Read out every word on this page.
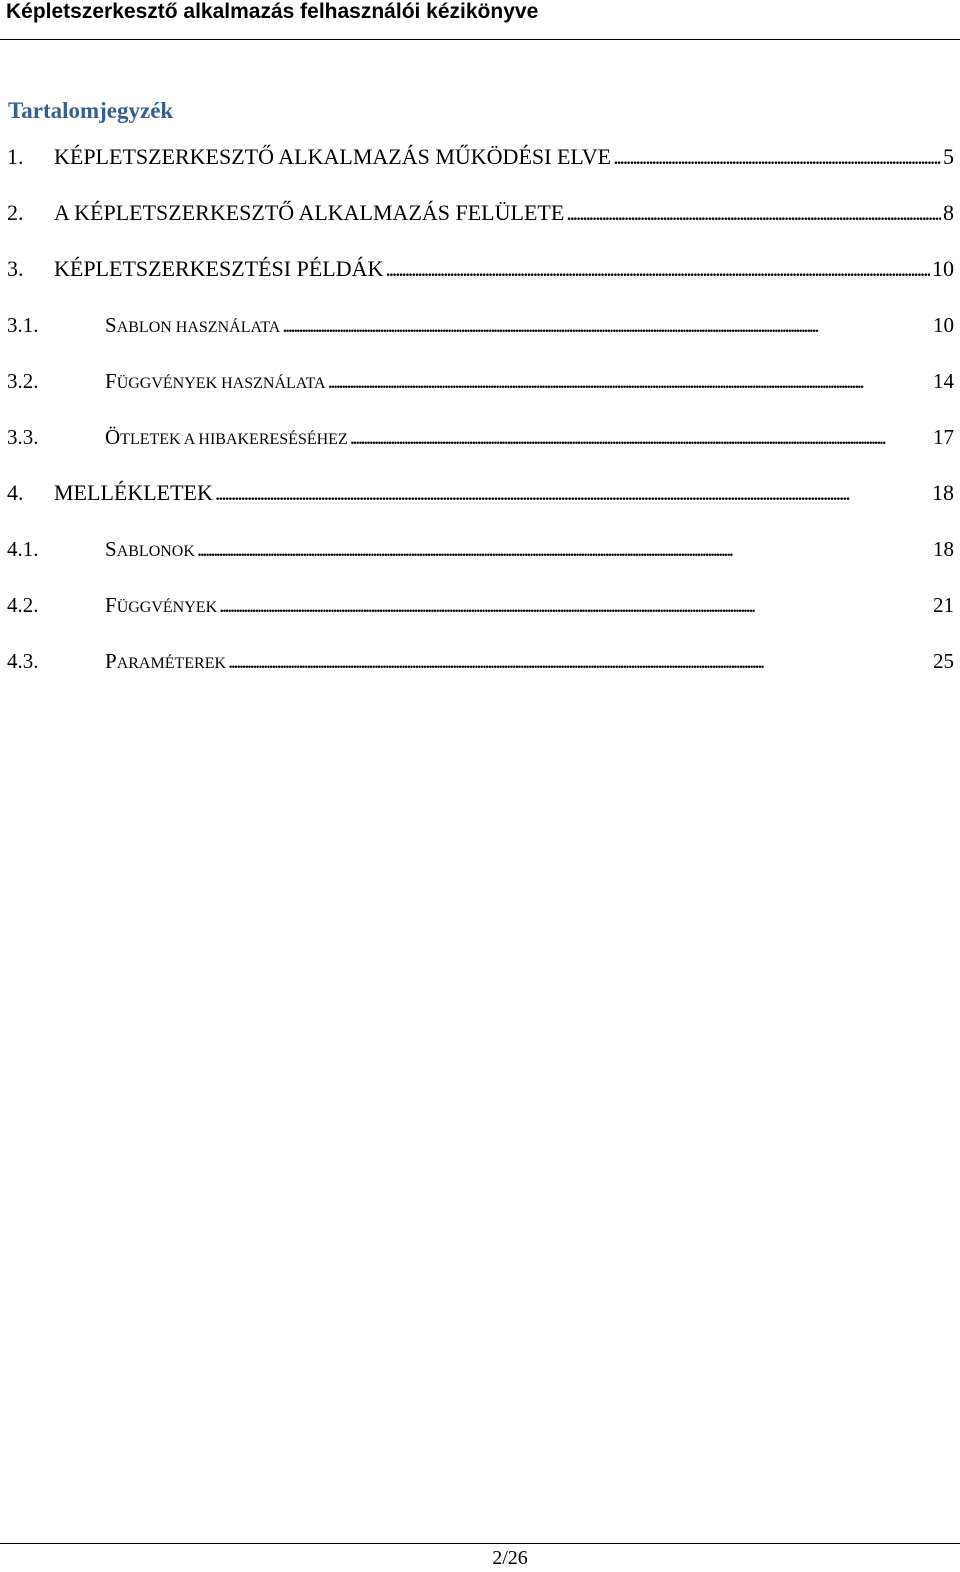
Képletszerkesztő alkalmazás felhasználói kézikönyve
Tartalomjegyzék
1.	KÉPLETSZERKESZTŐ ALKALMAZÁS MŰKÖDÉSI ELVE . . .	5
2.	A KÉPLETSZERKESZTŐ ALKALMAZÁS FELÜLETE . . .	8
3.	KÉPLETSZERKESZTÉSI PÉLDÁK . . .	10
3.1.	SABLON HASZNÁLATA . . .	10
3.2.	FÜGGVÉNYEK HASZNÁLATA . . .	14
3.3.	ÖTLETEK A HIBAKERESÉSÉHEZ . . .	17
4.	MELLÉKLETEK . . .	18
4.1.	SABLONOK . . .	18
4.2.	FÜGGVÉNYEK . . .	21
4.3.	PARAMÉTEREK . . .	25
2/26
